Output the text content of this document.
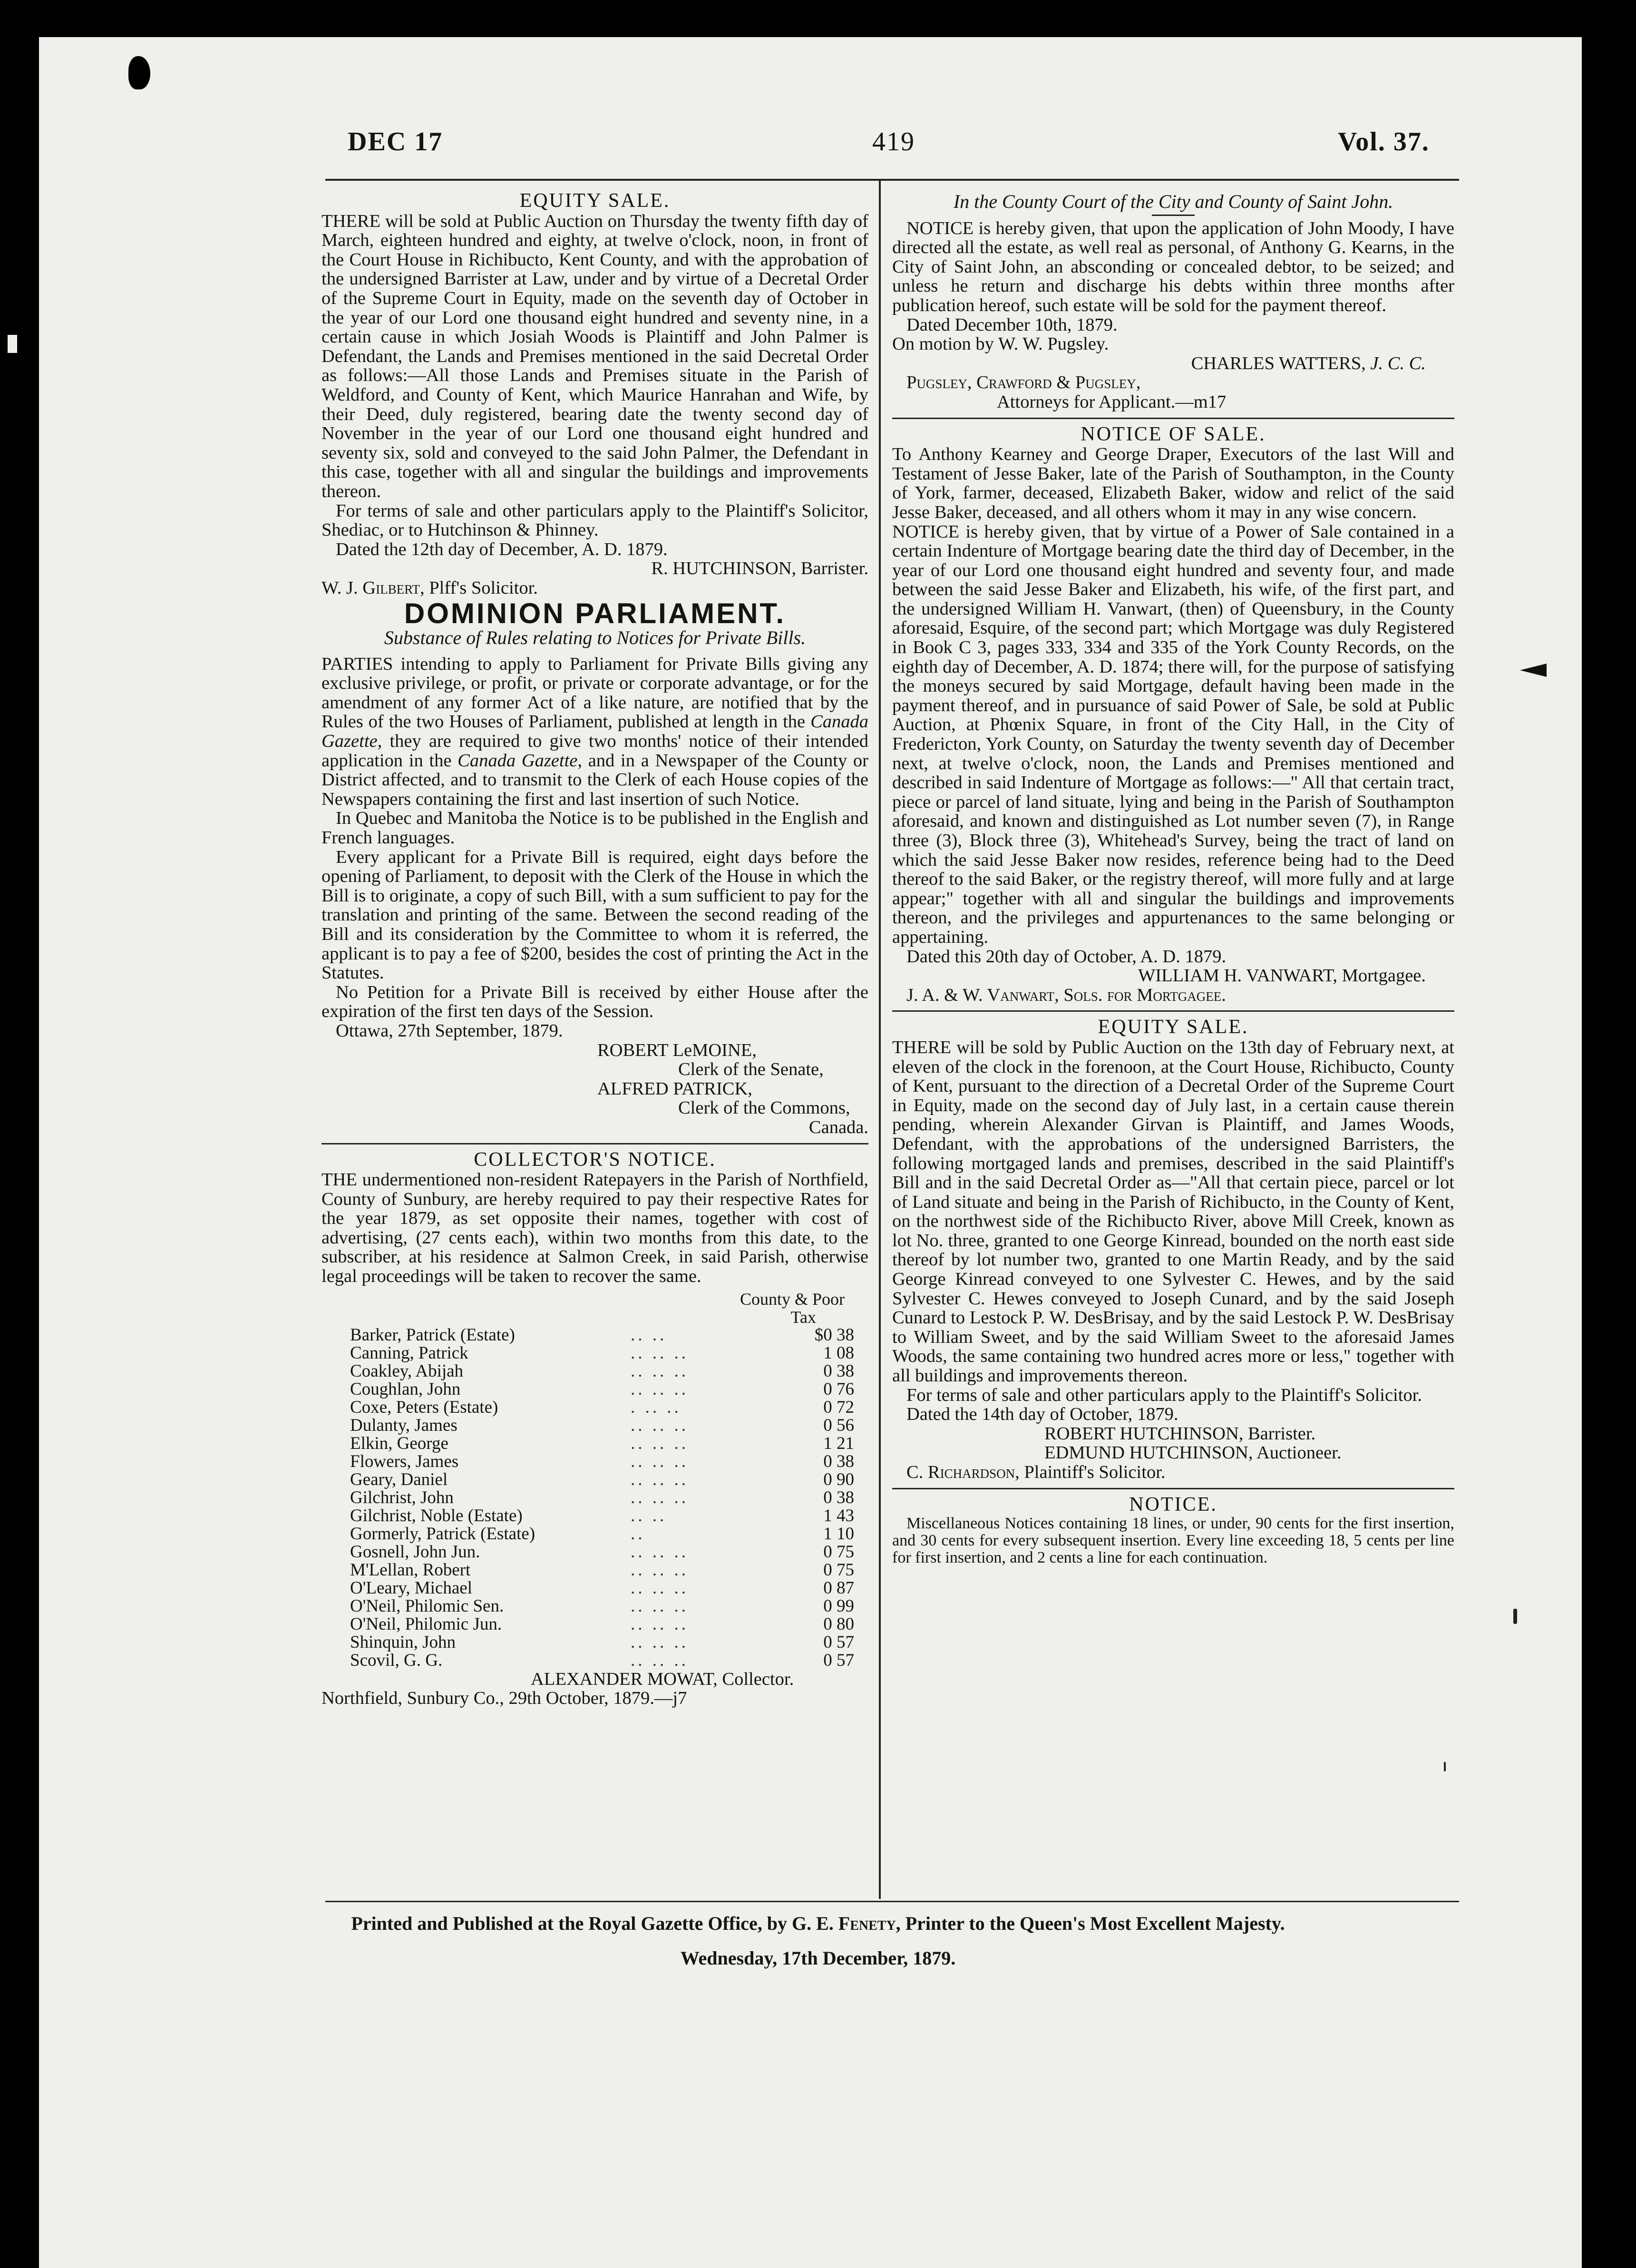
DEC 17	419	Vol. 37.
EQUITY SALE.

THERE will be sold at Public Auction on Thursday the twenty fifth day of March, eighteen hundred and eighty, at twelve o'clock, noon, in front of the Court House in Richibucto, Kent County, and with the approbation of the undersigned Barrister at Law, under and by virtue of a Decretal Order of the Supreme Court in Equity, made on the seventh day of October in the year of our Lord one thousand eight hundred and seventy nine, in a certain cause in which Josiah Woods is Plaintiff and John Palmer is Defendant, the Lands and Premises mentioned in the said Decretal Order as follows:—All those Lands and Premises situate in the Parish of Weldford, and County of Kent, which Maurice Hanrahan and Wife, by their Deed, duly registered, bearing date the twenty second day of November in the year of our Lord one thousand eight hundred and seventy six, sold and conveyed to the said John Palmer, the Defendant in this case, together with all and singular the buildings and improvements thereon.

For terms of sale and other particulars apply to the Plaintiff's Solicitor, Shediac, or to Hutchinson & Phinney.

Dated the 12th day of December, A. D. 1879.

R. HUTCHINSON, Barrister.

W. J. Gilbert, Plff's Solicitor.

DOMINION PARLIAMENT.
Substance of Rules relating to Notices for Private Bills.

PARTIES intending to apply to Parliament for Private Bills giving any exclusive privilege, or profit, or private or corporate advantage, or for the amendment of any former Act of a like nature, are notified that by the Rules of the two Houses of Parliament, published at length in the Canada Gazette, they are required to give two months' notice of their intended application in the Canada Gazette, and in a Newspaper of the County or District affected, and to transmit to the Clerk of each House copies of the Newspapers containing the first and last insertion of such Notice.

In Quebec and Manitoba the Notice is to be published in the English and French languages.

Every applicant for a Private Bill is required, eight days before the opening of Parliament, to deposit with the Clerk of the House in which the Bill is to originate, a copy of such Bill, with a sum sufficient to pay for the translation and printing of the same. Between the second reading of the Bill and its consideration by the Committee to whom it is referred, the applicant is to pay a fee of $200, besides the cost of printing the Act in the Statutes.

No Petition for a Private Bill is received by either House after the expiration of the first ten days of the Session.

Ottawa, 27th September, 1879.

ROBERT LeMOINE,

Clerk of the Senate,

ALFRED PATRICK,

Clerk of the Commons,

Canada.

COLLECTOR'S NOTICE.

THE undermentioned non-resident Ratepayers in the Parish of Northfield, County of Sunbury, are hereby required to pay their respective Rates for the year 1879, as set opposite their names, together with cost of advertising, (27 cents each), within two months from this date, to the subscriber, at his residence at Salmon Creek, in said Parish, otherwise legal proceedings will be taken to recover the same.

County & Poor
Tax
Barker, Patrick (Estate)	.. ..	$0 38
Canning, Patrick	.. .. ..	1 08
Coakley, Abijah	.. .. ..	0 38
Coughlan, John	.. .. ..	0 76
Coxe, Peters (Estate)	. .. ..	0 72
Dulanty, James	.. .. ..	0 56
Elkin, George	.. .. ..	1 21
Flowers, James	.. .. ..	0 38
Geary, Daniel	.. .. ..	0 90
Gilchrist, John	.. .. ..	0 38
Gilchrist, Noble (Estate)	.. ..	1 43
Gormerly, Patrick (Estate)	..	1 10
Gosnell, John Jun.	.. .. ..	0 75
M'Lellan, Robert	.. .. ..	0 75
O'Leary, Michael	.. .. ..	0 87
O'Neil, Philomic Sen.	.. .. ..	0 99
O'Neil, Philomic Jun.	.. .. ..	0 80
Shinquin, John	.. .. ..	0 57
Scovil, G. G.	.. .. ..	0 57

ALEXANDER MOWAT, Collector.

Northfield, Sunbury Co., 29th October, 1879.—j7

In the County Court of the City and County of Saint John.

NOTICE is hereby given, that upon the application of John Moody, I have directed all the estate, as well real as personal, of Anthony G. Kearns, in the City of Saint John, an absconding or concealed debtor, to be seized; and unless he return and discharge his debts within three months after publication hereof, such estate will be sold for the payment thereof.

Dated December 10th, 1879.

On motion by W. W. Pugsley.

CHARLES WATTERS, J. C. C.

Pugsley, Crawford & Pugsley,

Attorneys for Applicant.—m17

NOTICE OF SALE.

To Anthony Kearney and George Draper, Executors of the last Will and Testament of Jesse Baker, late of the Parish of Southampton, in the County of York, farmer, deceased, Elizabeth Baker, widow and relict of the said Jesse Baker, deceased, and all others whom it may in any wise concern.

NOTICE is hereby given, that by virtue of a Power of Sale contained in a certain Indenture of Mortgage bearing date the third day of December, in the year of our Lord one thousand eight hundred and seventy four, and made between the said Jesse Baker and Elizabeth, his wife, of the first part, and the undersigned William H. Vanwart, (then) of Queensbury, in the County aforesaid, Esquire, of the second part; which Mortgage was duly Registered in Book C 3, pages 333, 334 and 335 of the York County Records, on the eighth day of December, A. D. 1874; there will, for the purpose of satisfying the moneys secured by said Mortgage, default having been made in the payment thereof, and in pursuance of said Power of Sale, be sold at Public Auction, at Phœnix Square, in front of the City Hall, in the City of Fredericton, York County, on Saturday the twenty seventh day of December next, at twelve o'clock, noon, the Lands and Premises mentioned and described in said Indenture of Mortgage as follows:—" All that certain tract, piece or parcel of land situate, lying and being in the Parish of Southampton aforesaid, and known and distinguished as Lot number seven (7), in Range three (3), Block three (3), Whitehead's Survey, being the tract of land on which the said Jesse Baker now resides, reference being had to the Deed thereof to the said Baker, or the registry thereof, will more fully and at large appear;" together with all and singular the buildings and improvements thereon, and the privileges and appurtenances to the same belonging or appertaining.

Dated this 20th day of October, A. D. 1879.

WILLIAM H. VANWART, Mortgagee.

J. A. & W. Vanwart, Sols. for Mortgagee.

EQUITY SALE.

THERE will be sold by Public Auction on the 13th day of February next, at eleven of the clock in the forenoon, at the Court House, Richibucto, County of Kent, pursuant to the direction of a Decretal Order of the Supreme Court in Equity, made on the second day of July last, in a certain cause therein pending, wherein Alexander Girvan is Plaintiff, and James Woods, Defendant, with the approbations of the undersigned Barristers, the following mortgaged lands and premises, described in the said Plaintiff's Bill and in the said Decretal Order as—"All that certain piece, parcel or lot of Land situate and being in the Parish of Richibucto, in the County of Kent, on the northwest side of the Richibucto River, above Mill Creek, known as lot No. three, granted to one George Kinread, bounded on the north east side thereof by lot number two, granted to one Martin Ready, and by the said George Kinread conveyed to one Sylvester C. Hewes, and by the said Sylvester C. Hewes conveyed to Joseph Cunard, and by the said Joseph Cunard to Lestock P. W. DesBrisay, and by the said Lestock P. W. DesBrisay to William Sweet, and by the said William Sweet to the aforesaid James Woods, the same containing two hundred acres more or less," together with all buildings and improvements thereon.

For terms of sale and other particulars apply to the Plaintiff's Solicitor.

Dated the 14th day of October, 1879.

ROBERT HUTCHINSON, Barrister.

EDMUND HUTCHINSON, Auctioneer.

C. Richardson, Plaintiff's Solicitor.

NOTICE.

Miscellaneous Notices containing 18 lines, or under, 90 cents for the first insertion, and 30 cents for every subsequent insertion. Every line exceeding 18, 5 cents per line for first insertion, and 2 cents a line for each continuation.

Printed and Published at the Royal Gazette Office, by G. E. Fenety, Printer to the Queen's Most Excellent Majesty.
Wednesday, 17th December, 1879.
